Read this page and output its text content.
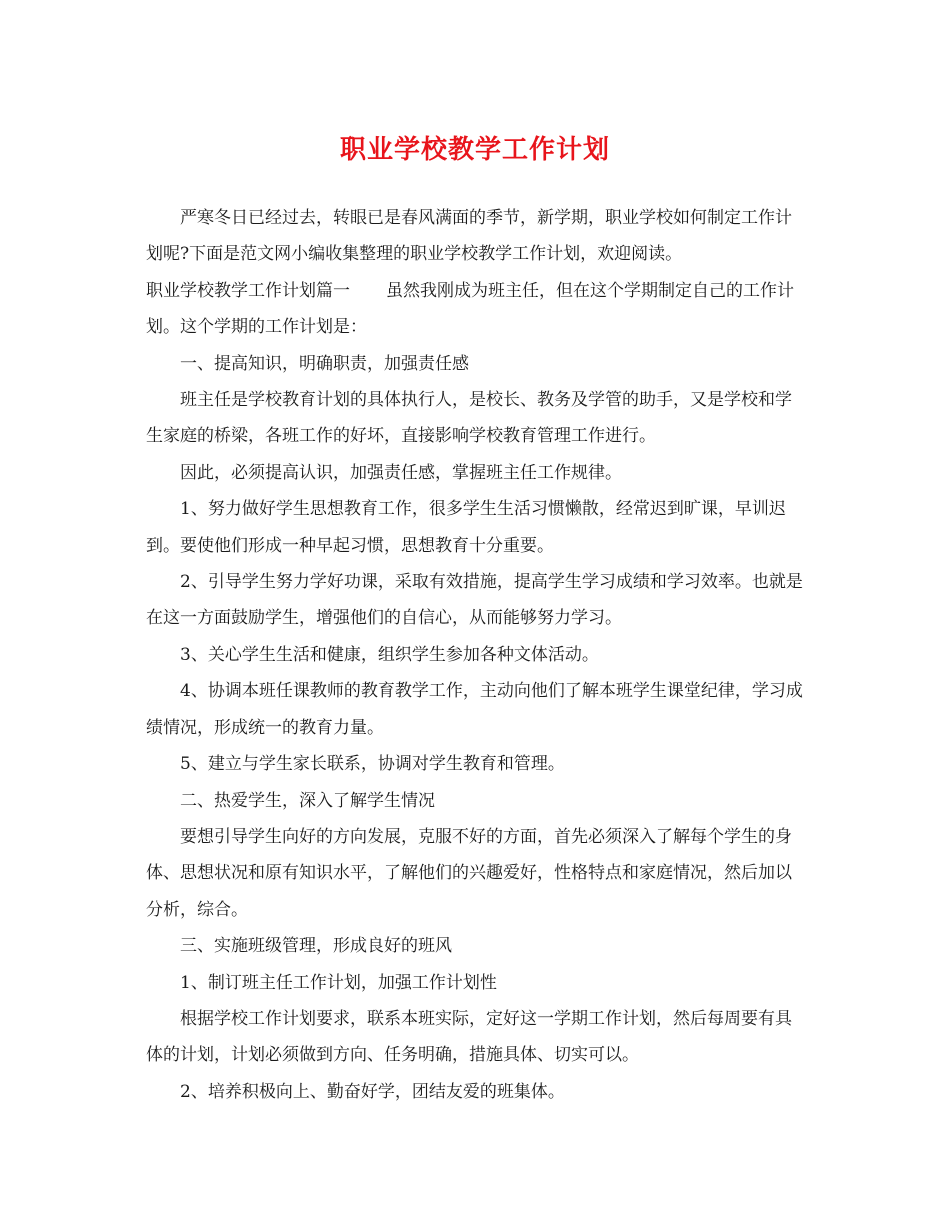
职业学校教学工作计划

严寒冬日已经过去，转眼已是春风满面的季节，新学期，职业学校如何制定工作计划呢?下面是范文网小编收集整理的职业学校教学工作计划，欢迎阅读。

职业学校教学工作计划篇一 虽然我刚成为班主任，但在这个学期制定自己的工作计划。这个学期的工作计划是：

一、提高知识，明确职责，加强责任感

班主任是学校教育计划的具体执行人，是校长、教务及学管的助手，又是学校和学生家庭的桥梁，各班工作的好坏，直接影响学校教育管理工作进行。

因此，必须提高认识，加强责任感，掌握班主任工作规律。

1、努力做好学生思想教育工作，很多学生生活习惯懒散，经常迟到旷课，早训迟到。要使他们形成一种早起习惯，思想教育十分重要。

2、引导学生努力学好功课，采取有效措施，提高学生学习成绩和学习效率。也就是在这一方面鼓励学生，增强他们的自信心，从而能够努力学习。

3、关心学生生活和健康，组织学生参加各种文体活动。

4、协调本班任课教师的教育教学工作，主动向他们了解本班学生课堂纪律，学习成绩情况，形成统一的教育力量。

5、建立与学生家长联系，协调对学生教育和管理。

二、热爱学生，深入了解学生情况

要想引导学生向好的方向发展，克服不好的方面，首先必须深入了解每个学生的身体、思想状况和原有知识水平，了解他们的兴趣爱好，性格特点和家庭情况，然后加以分析，综合。

三、实施班级管理，形成良好的班风

1、制订班主任工作计划，加强工作计划性

根据学校工作计划要求，联系本班实际，定好这一学期工作计划，然后每周要有具体的计划，计划必须做到方向、任务明确，措施具体、切实可以。

2、培养积极向上、勤奋好学，团结友爱的班集体。
